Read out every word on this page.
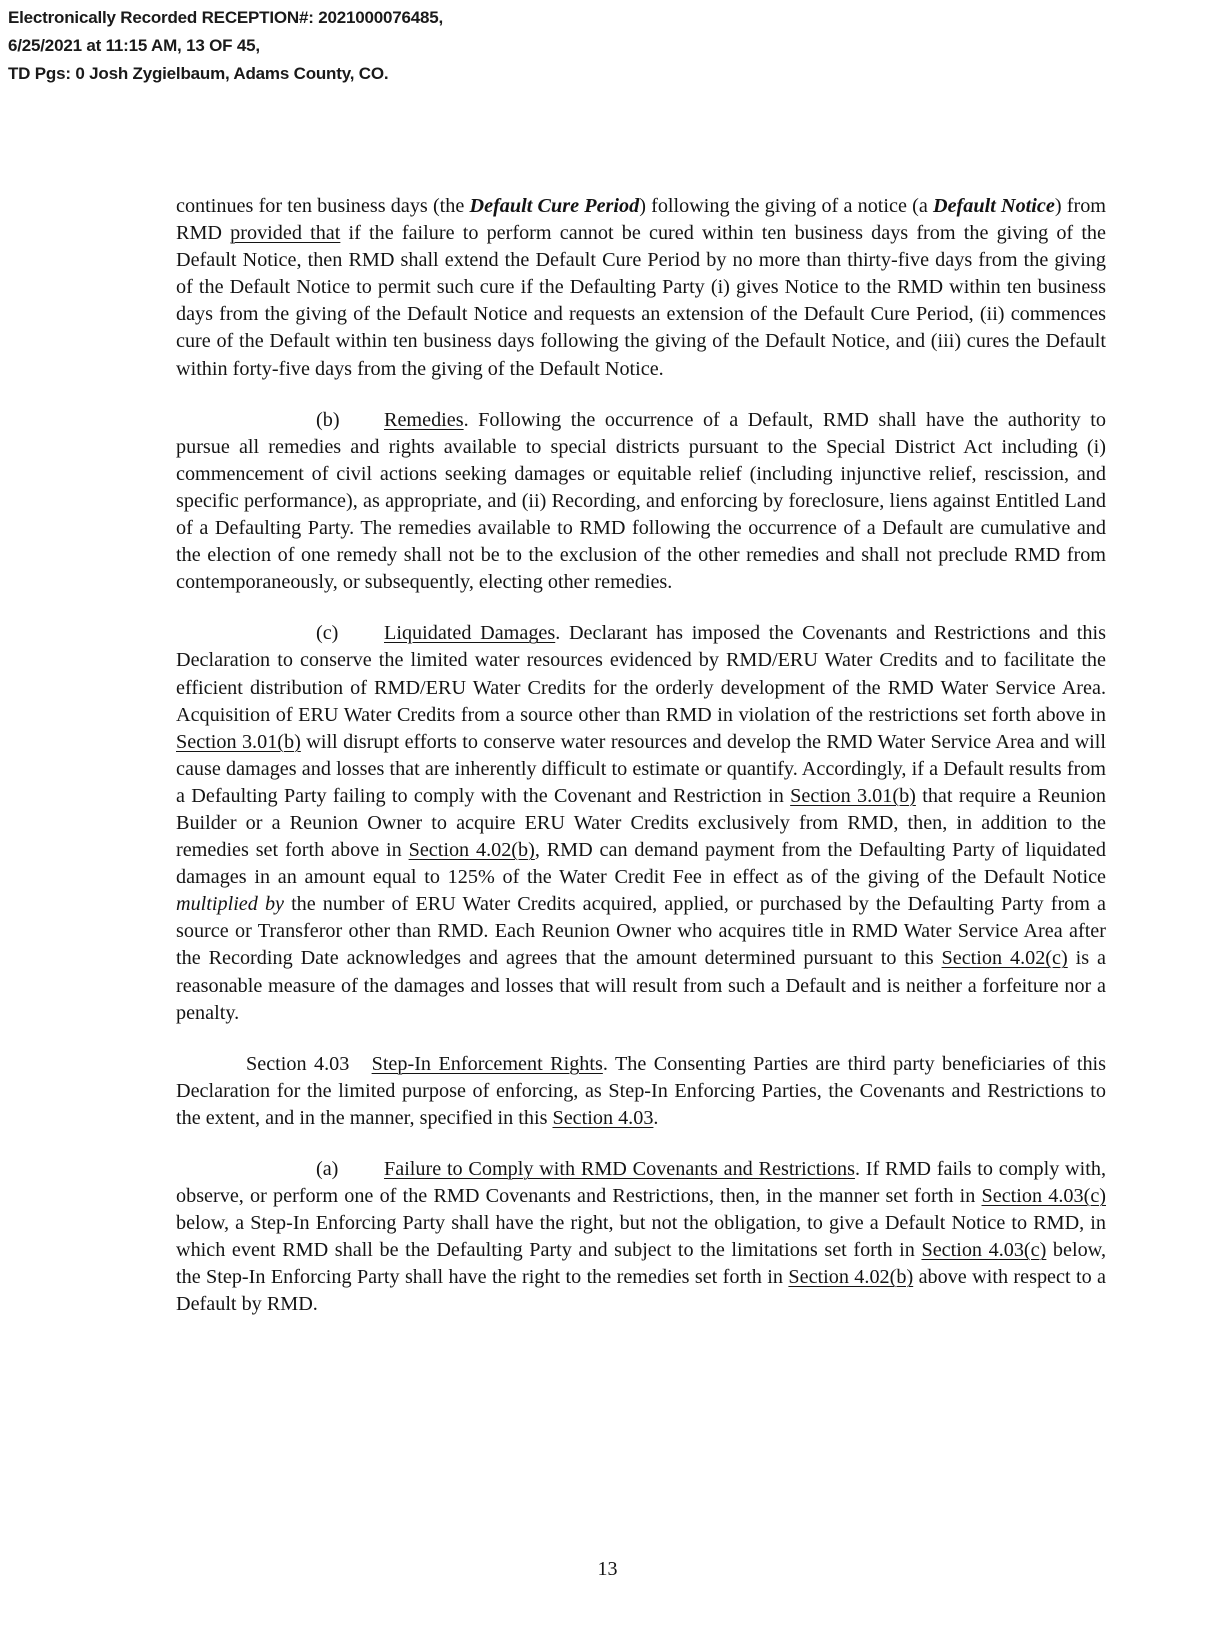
Electronically Recorded RECEPTION#: 2021000076485,
6/25/2021 at 11:15 AM, 13 OF 45,
TD Pgs: 0 Josh Zygielbaum, Adams County, CO.

continues for ten business days (the Default Cure Period) following the giving of a notice (a Default Notice) from RMD provided that if the failure to perform cannot be cured within ten business days from the giving of the Default Notice, then RMD shall extend the Default Cure Period by no more than thirty-five days from the giving of the Default Notice to permit such cure if the Defaulting Party (i) gives Notice to the RMD within ten business days from the giving of the Default Notice and requests an extension of the Default Cure Period, (ii) commences cure of the Default within ten business days following the giving of the Default Notice, and (iii) cures the Default within forty-five days from the giving of the Default Notice.

(b) Remedies. Following the occurrence of a Default, RMD shall have the authority to pursue all remedies and rights available to special districts pursuant to the Special District Act including (i) commencement of civil actions seeking damages or equitable relief (including injunctive relief, rescission, and specific performance), as appropriate, and (ii) Recording, and enforcing by foreclosure, liens against Entitled Land of a Defaulting Party. The remedies available to RMD following the occurrence of a Default are cumulative and the election of one remedy shall not be to the exclusion of the other remedies and shall not preclude RMD from contemporaneously, or subsequently, electing other remedies.

(c) Liquidated Damages. Declarant has imposed the Covenants and Restrictions and this Declaration to conserve the limited water resources evidenced by RMD/ERU Water Credits and to facilitate the efficient distribution of RMD/ERU Water Credits for the orderly development of the RMD Water Service Area. Acquisition of ERU Water Credits from a source other than RMD in violation of the restrictions set forth above in Section 3.01(b) will disrupt efforts to conserve water resources and develop the RMD Water Service Area and will cause damages and losses that are inherently difficult to estimate or quantify. Accordingly, if a Default results from a Defaulting Party failing to comply with the Covenant and Restriction in Section 3.01(b) that require a Reunion Builder or a Reunion Owner to acquire ERU Water Credits exclusively from RMD, then, in addition to the remedies set forth above in Section 4.02(b), RMD can demand payment from the Defaulting Party of liquidated damages in an amount equal to 125% of the Water Credit Fee in effect as of the giving of the Default Notice multiplied by the number of ERU Water Credits acquired, applied, or purchased by the Defaulting Party from a source or Transferor other than RMD. Each Reunion Owner who acquires title in RMD Water Service Area after the Recording Date acknowledges and agrees that the amount determined pursuant to this Section 4.02(c) is a reasonable measure of the damages and losses that will result from such a Default and is neither a forfeiture nor a penalty.

Section 4.03 Step-In Enforcement Rights. The Consenting Parties are third party beneficiaries of this Declaration for the limited purpose of enforcing, as Step-In Enforcing Parties, the Covenants and Restrictions to the extent, and in the manner, specified in this Section 4.03.

(a) Failure to Comply with RMD Covenants and Restrictions. If RMD fails to comply with, observe, or perform one of the RMD Covenants and Restrictions, then, in the manner set forth in Section 4.03(c) below, a Step-In Enforcing Party shall have the right, but not the obligation, to give a Default Notice to RMD, in which event RMD shall be the Defaulting Party and subject to the limitations set forth in Section 4.03(c) below, the Step-In Enforcing Party shall have the right to the remedies set forth in Section 4.02(b) above with respect to a Default by RMD.

13
